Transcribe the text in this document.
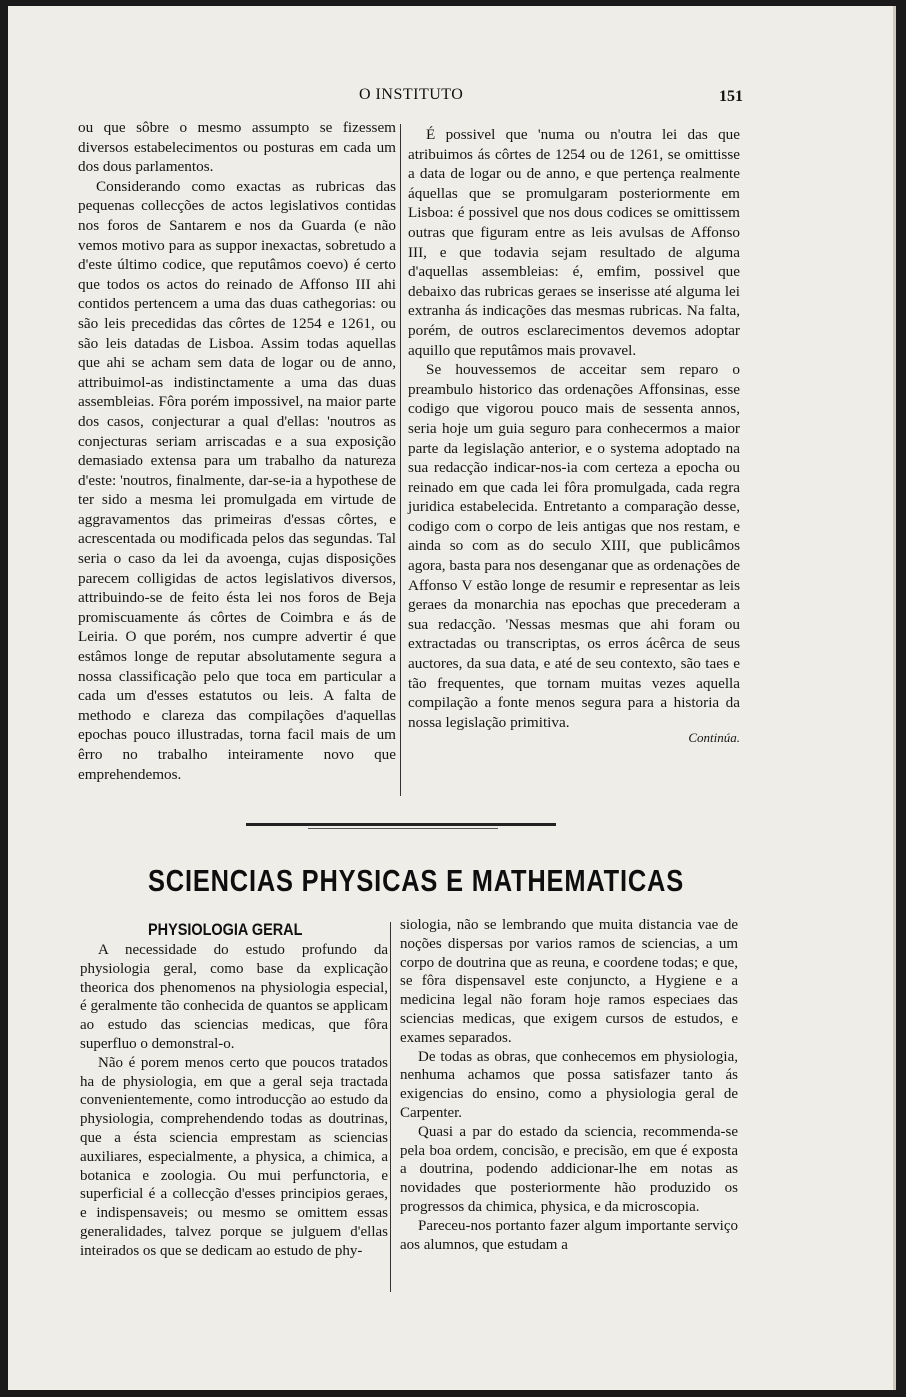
O INSTITUTO	151

ou que sôbre o mesmo assumpto se fizessem diversos estabelecimentos ou posturas em cada um dos dous parlamentos.

Considerando como exactas as rubricas das pequenas collecções de actos legislativos contidas nos foros de Santarem e nos da Guarda (e não vemos motivo para as suppor inexactas, sobretudo a d'este último codice, que reputâmos coevo) é certo que todos os actos do reinado de Affonso III ahi contidos pertencem a uma das duas cathegorias: ou são leis precedidas das côrtes de 1254 e 1261, ou são leis datadas de Lisboa. Assim todas aquellas que ahi se acham sem data de logar ou de anno, attribuimol-as indistinctamente a uma das duas assembleias. Fôra porém impossivel, na maior parte dos casos, conjecturar a qual d'ellas: 'noutros as conjecturas seriam arriscadas e a sua exposição demasiado extensa para um trabalho da natureza d'este: 'noutros, finalmente, dar-se-ia a hypothese de ter sido a mesma lei promulgada em virtude de aggravamentos das primeiras d'essas côrtes, e acrescentada ou modificada pelos das segundas. Tal seria o caso da lei da avoenga, cujas disposições parecem colligidas de actos legislativos diversos, attribuindo-se de feito ésta lei nos foros de Beja promiscuamente ás côrtes de Coimbra e ás de Leiria. O que porém, nos cumpre advertir é que estâmos longe de reputar absolutamente segura a nossa classificação pelo que toca em particular a cada um d'esses estatutos ou leis. A falta de methodo e clareza das compilações d'aquellas epochas pouco illustradas, torna facil mais de um êrro no trabalho inteiramente novo que emprehendemos.

É possivel que 'numa ou n'outra lei das que atribuimos ás côrtes de 1254 ou de 1261, se omittisse a data de logar ou de anno, e que pertença realmente áquellas que se promulgaram posteriormente em Lisboa: é possivel que nos dous codices se omittissem outras que figuram entre as leis avulsas de Affonso III, e que todavia sejam resultado de alguma d'aquellas assembleias: é, emfim, possivel que debaixo das rubricas geraes se inserisse até alguma lei extranha ás indicações das mesmas rubricas. Na falta, porém, de outros esclarecimentos devemos adoptar aquillo que reputâmos mais provavel.

Se houvessemos de acceitar sem reparo o preambulo historico das ordenações Affonsinas, esse codigo que vigorou pouco mais de sessenta annos, seria hoje um guia seguro para conhecermos a maior parte da legislação anterior, e o systema adoptado na sua redacção indicar-nos-ia com certeza a epocha ou reinado em que cada lei fôra promulgada, cada regra juridica estabelecida. Entretanto a comparação desse, codigo com o corpo de leis antigas que nos restam, e ainda so com as do seculo XIII, que publicâmos agora, basta para nos desenganar que as ordenações de Affonso V estão longe de resumir e representar as leis geraes da monarchia nas epochas que precederam a sua redacção. 'Nessas mesmas que ahi foram ou extractadas ou transcriptas, os erros ácêrca de seus auctores, da sua data, e até de seu contexto, são taes e tão frequentes, que tornam muitas vezes aquella compilação a fonte menos segura para a historia da nossa legislação primitiva.

Continúa.
SCIENCIAS PHYSICAS E MATHEMATICAS
PHYSIOLOGIA GERAL

A necessidade do estudo profundo da physiologia geral, como base da explicação theorica dos phenomenos na physiologia especial, é geralmente tão conhecida de quantos se applicam ao estudo das sciencias medicas, que fôra superfluo o demonstral-o.

Não é porem menos certo que poucos tratados ha de physiologia, em que a geral seja tractada convenientemente, como introducção ao estudo da physiologia, comprehendendo todas as doutrinas, que a ésta sciencia emprestam as sciencias auxiliares, especialmente, a physica, a chimica, a botanica e zoologia. Ou mui perfunctoria, e superficial é a collecção d'esses principios geraes, e indispensaveis; ou mesmo se omittem essas generalidades, talvez porque se julguem d'ellas inteirados os que se dedicam ao estudo de phy-

siologia, não se lembrando que muita distancia vae de noções dispersas por varios ramos de sciencias, a um corpo de doutrina que as reuna, e coordene todas; e que, se fôra dispensavel este conjuncto, a Hygiene e a medicina legal não foram hoje ramos especiaes das sciencias medicas, que exigem cursos de estudos, e exames separados.

De todas as obras, que conhecemos em physiologia, nenhuma achamos que possa satisfazer tanto ás exigencias do ensino, como a physiologia geral de Carpenter.

Quasi a par do estado da sciencia, recommenda-se pela boa ordem, concisão, e precisão, em que é exposta a doutrina, podendo addicionar-lhe em notas as novidades que posteriormente hão produzido os progressos da chimica, physica, e da microscopia.

Pareceu-nos portanto fazer algum importante serviço aos alumnos, que estudam a
